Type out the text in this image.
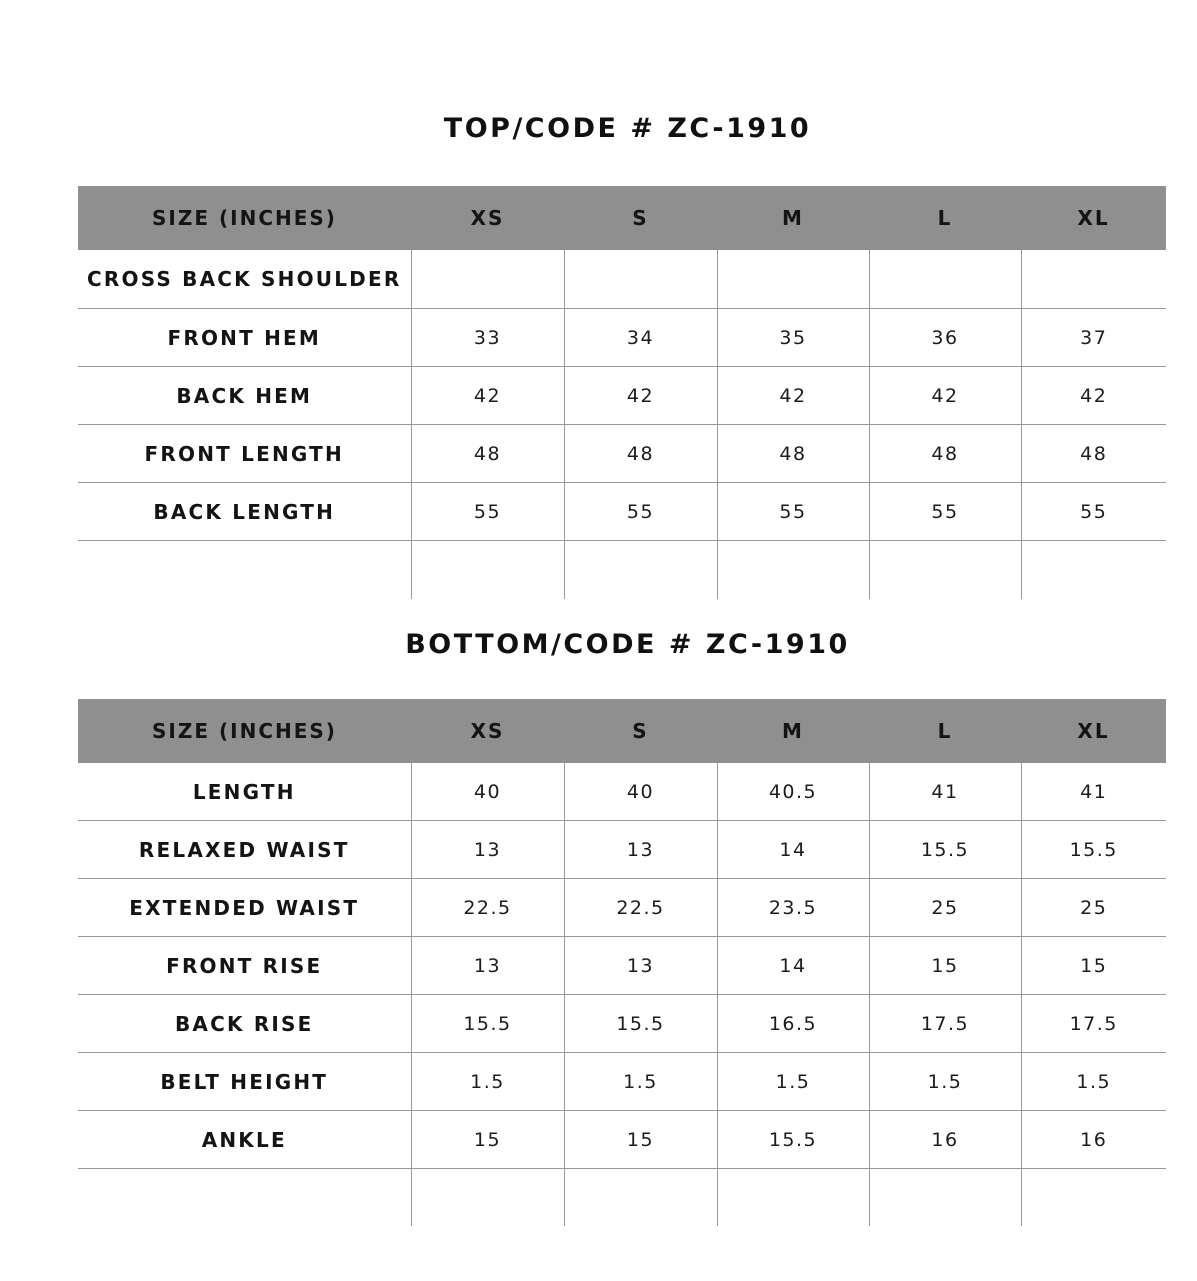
TOP/CODE # ZC-1910
SIZE (INCHES)	XS	S	M	L	XL
CROSS BACK SHOULDER					
FRONT HEM	33	34	35	36	37
BACK HEM	42	42	42	42	42
FRONT LENGTH	48	48	48	48	48
BACK LENGTH	55	55	55	55	55

BOTTOM/CODE # ZC-1910
SIZE (INCHES)	XS	S	M	L	XL
LENGTH	40	40	40.5	41	41
RELAXED WAIST	13	13	14	15.5	15.5
EXTENDED WAIST	22.5	22.5	23.5	25	25
FRONT RISE	13	13	14	15	15
BACK RISE	15.5	15.5	16.5	17.5	17.5
BELT HEIGHT	1.5	1.5	1.5	1.5	1.5
ANKLE	15	15	15.5	16	16
